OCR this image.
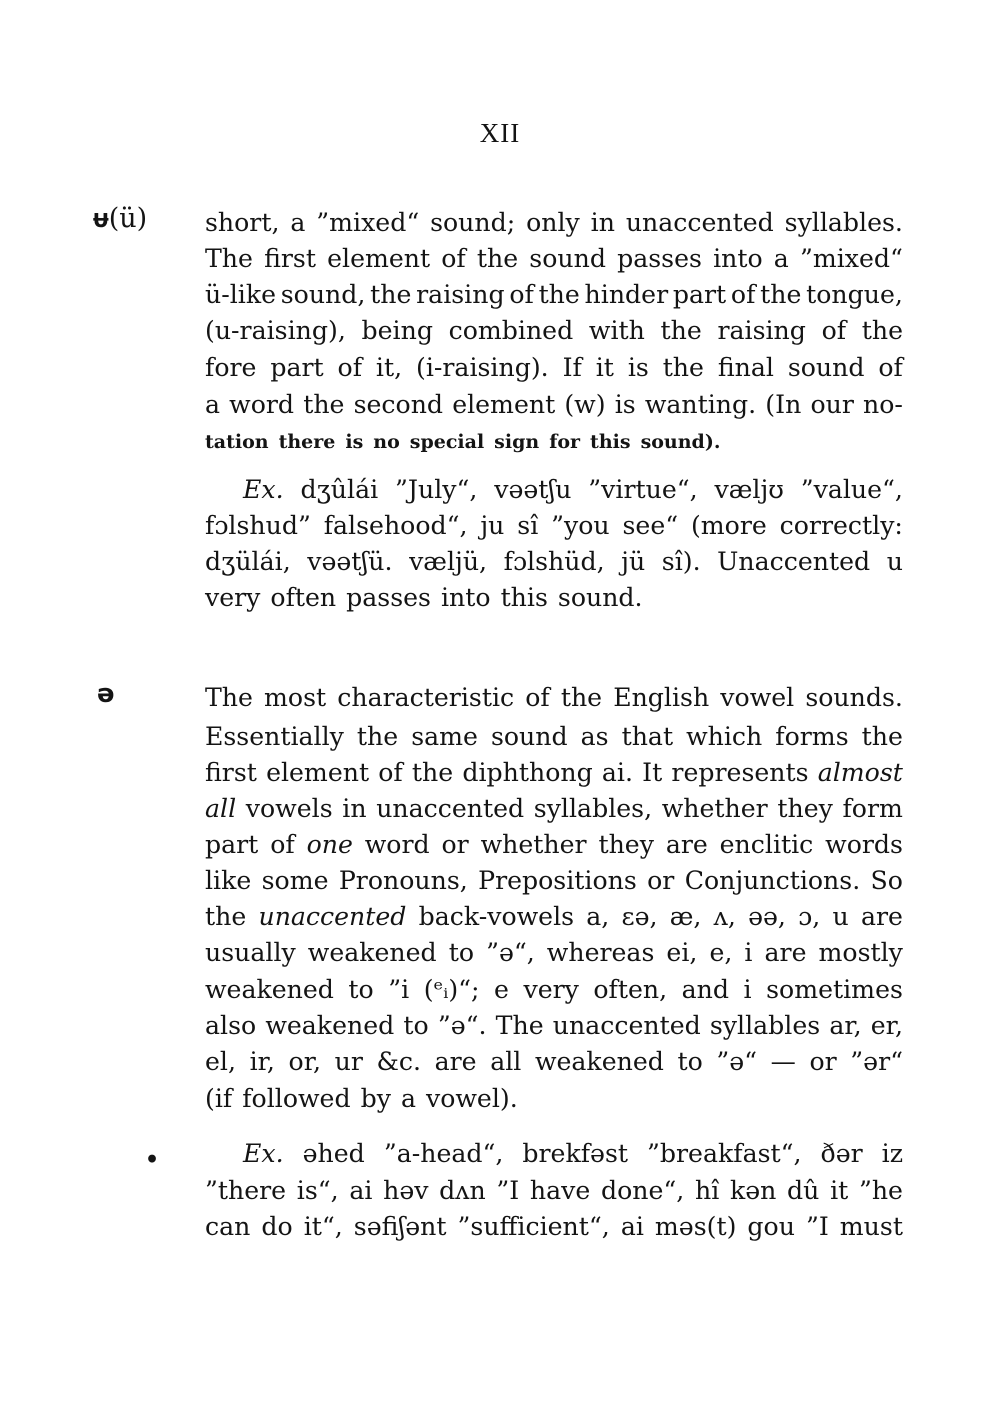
XII
ᵾ(ü)
ə
•
short, a ”mixed“ sound; only in unaccented syllables.
The first element of the sound passes into a ”mixed“
ü-like sound, the raising of the hinder part of the tongue,
(u-raising), being combined with the raising of the
fore part of it, (i-raising). If it is the final sound of
a word the second element (w) is wanting. (In our no-
tation there is no special sign for this sound).
Ex. dʒûlái ”July“, vəətʃu ”virtue“, væljʊ ”value“,
fɔlshud” falsehood“, ju sî ”you see“ (more correctly:
dʒülái, vəətʃü. væljü, fɔlshüd, jü sî). Unaccented u
very often passes into this sound.
The most characteristic of the English vowel sounds.
Essentially the same sound as that which forms the
first element of the diphthong ai. It represents almost
all vowels in unaccented syllables, whether they form
part of one word or whether they are enclitic words
like some Pronouns, Prepositions or Conjunctions. So
the unaccented back-vowels a, εə, æ, ʌ, əə, ɔ, u are
usually weakened to ”ə“, whereas ei, e, i are mostly
weakened to ”i (ᵉᵢ)“; e very often, and i sometimes
also weakened to ”ə“. The unaccented syllables ar, er,
el, ir, or, ur &c. are all weakened to ”ə“ — or ”ər“
(if followed by a vowel).
Ex. əhed ”a-head“, brekfəst ”breakfast“, ðər iz
”there is“, ai həv dʌn ”I have done“, hî kən dû it ”he
can do it“, səfiʃənt ”sufficient“, ai məs(t) gou ”I must
